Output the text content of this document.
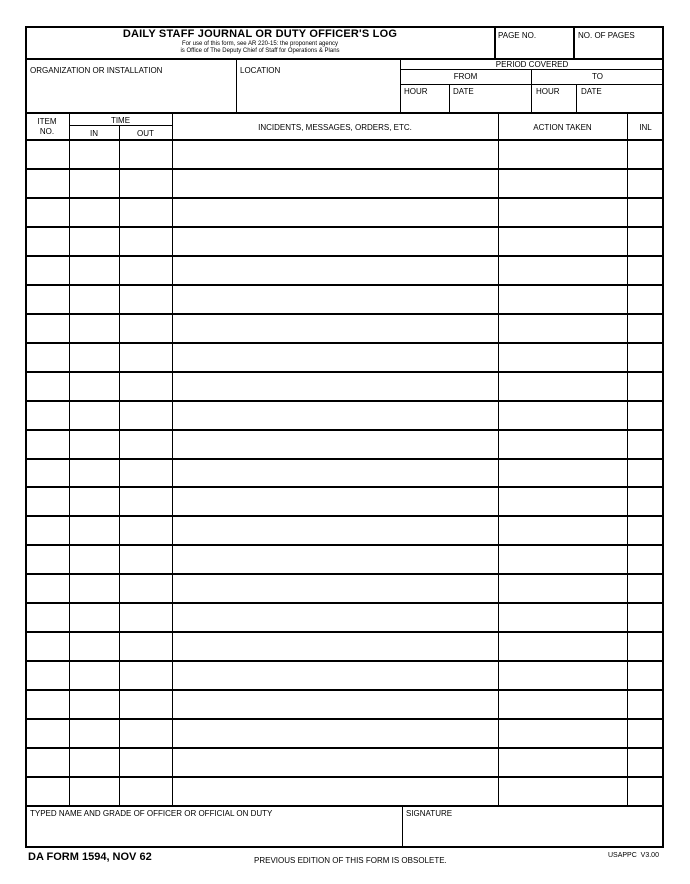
DAILY STAFF JOURNAL OR DUTY OFFICER'S LOG
For use of this form, see AR 220-15: the proponent agency
is Office of The Deputy Chief of Staff for Operations & Plans
PAGE NO.	NO. OF PAGES
ORGANIZATION OR INSTALLATION	LOCATION
PERIOD COVERED
FROM	TO
HOUR	DATE	HOUR	DATE
ITEM
NO.
TIME
IN	OUT
INCIDENTS, MESSAGES, ORDERS, ETC.	ACTION TAKEN	INL
TYPED NAME AND GRADE OF OFFICER OR OFFICIAL ON DUTY	SIGNATURE
DA FORM 1594, NOV 62	PREVIOUS EDITION OF THIS FORM IS OBSOLETE.
USAPPC  V3.00
